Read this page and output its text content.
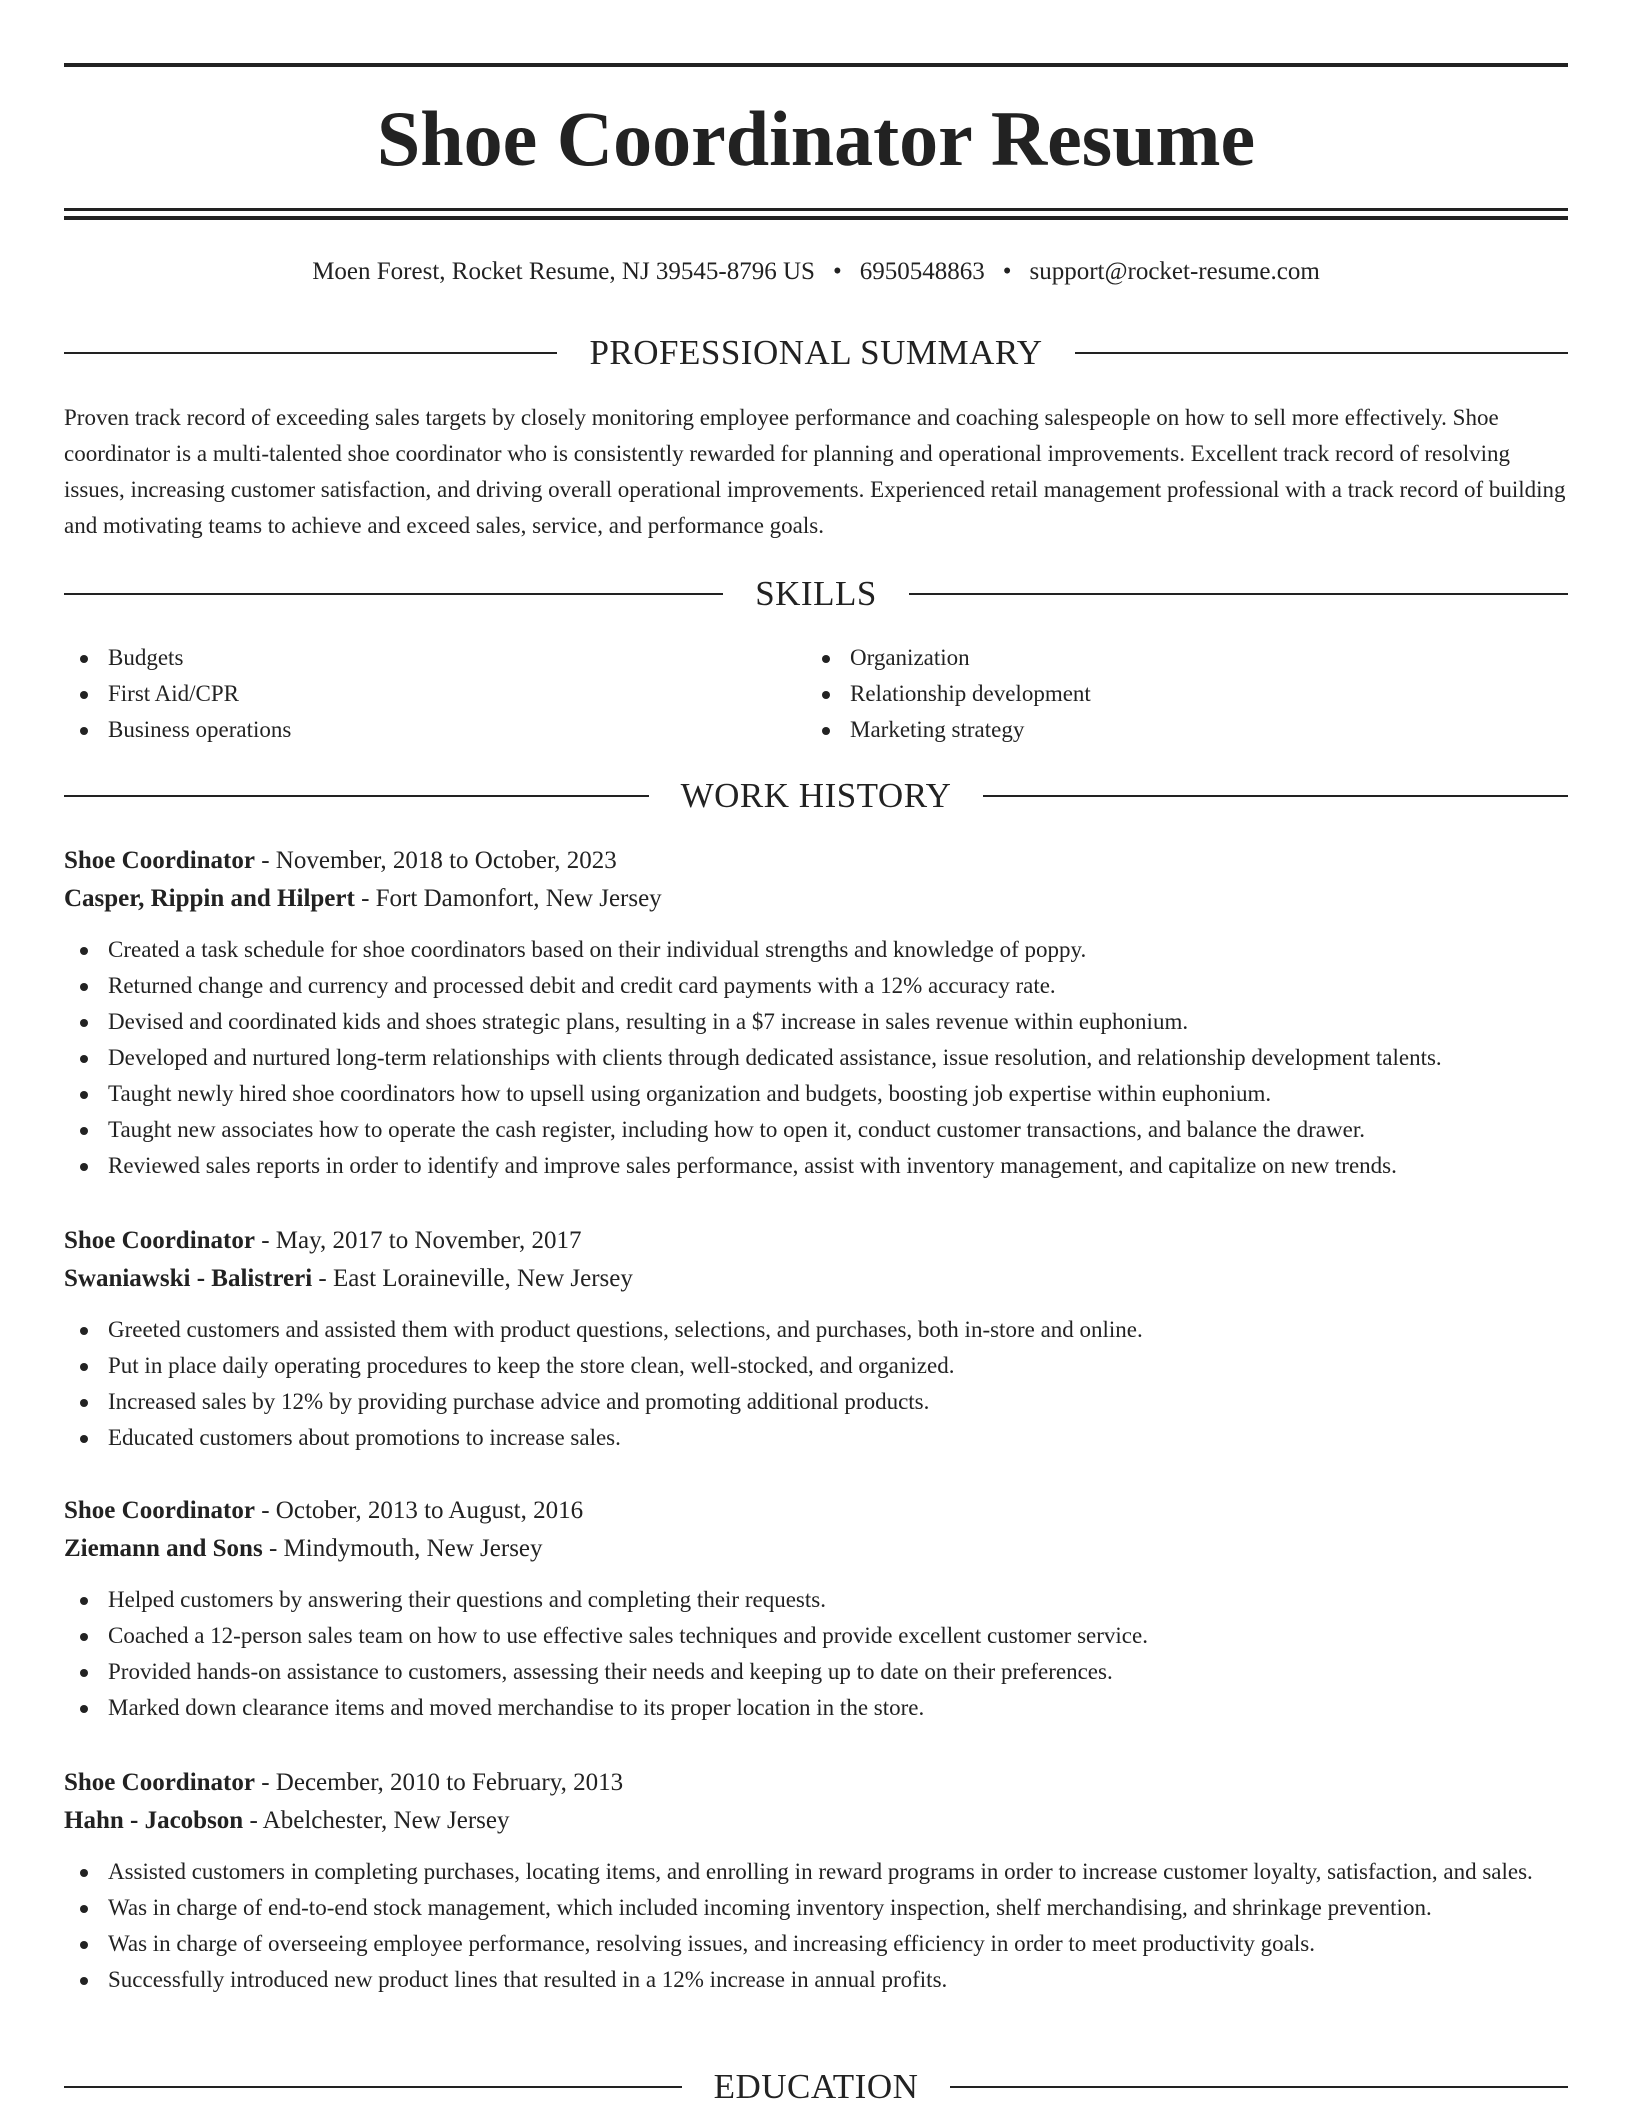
Shoe Coordinator Resume
Moen Forest, Rocket Resume, NJ 39545-8796 US • 6950548863 • support@rocket-resume.com
PROFESSIONAL SUMMARY

Proven track record of exceeding sales targets by closely monitoring employee performance and coaching salespeople on how to sell more effectively. Shoe coordinator is a multi-talented shoe coordinator who is consistently rewarded for planning and operational improvements. Excellent track record of resolving issues, increasing customer satisfaction, and driving overall operational improvements. Experienced retail management professional with a track record of building and motivating teams to achieve and exceed sales, service, and performance goals.

SKILLS
Budgets
First Aid/CPR
Business operations
Organization
Relationship development
Marketing strategy
WORK HISTORY
Shoe Coordinator - November, 2018 to October, 2023
Casper, Rippin and Hilpert - Fort Damonfort, New Jersey
Created a task schedule for shoe coordinators based on their individual strengths and knowledge of poppy.
Returned change and currency and processed debit and credit card payments with a 12% accuracy rate.
Devised and coordinated kids and shoes strategic plans, resulting in a $7 increase in sales revenue within euphonium.
Developed and nurtured long-term relationships with clients through dedicated assistance, issue resolution, and relationship development talents.
Taught newly hired shoe coordinators how to upsell using organization and budgets, boosting job expertise within euphonium.
Taught new associates how to operate the cash register, including how to open it, conduct customer transactions, and balance the drawer.
Reviewed sales reports in order to identify and improve sales performance, assist with inventory management, and capitalize on new trends.
Shoe Coordinator - May, 2017 to November, 2017
Swaniawski - Balistreri - East Loraineville, New Jersey
Greeted customers and assisted them with product questions, selections, and purchases, both in-store and online.
Put in place daily operating procedures to keep the store clean, well-stocked, and organized.
Increased sales by 12% by providing purchase advice and promoting additional products.
Educated customers about promotions to increase sales.
Shoe Coordinator - October, 2013 to August, 2016
Ziemann and Sons - Mindymouth, New Jersey
Helped customers by answering their questions and completing their requests.
Coached a 12-person sales team on how to use effective sales techniques and provide excellent customer service.
Provided hands-on assistance to customers, assessing their needs and keeping up to date on their preferences.
Marked down clearance items and moved merchandise to its proper location in the store.
Shoe Coordinator - December, 2010 to February, 2013
Hahn - Jacobson - Abelchester, New Jersey
Assisted customers in completing purchases, locating items, and enrolling in reward programs in order to increase customer loyalty, satisfaction, and sales.
Was in charge of end-to-end stock management, which included incoming inventory inspection, shelf merchandising, and shrinkage prevention.
Was in charge of overseeing employee performance, resolving issues, and increasing efficiency in order to meet productivity goals.
Successfully introduced new product lines that resulted in a 12% increase in annual profits.
EDUCATION
